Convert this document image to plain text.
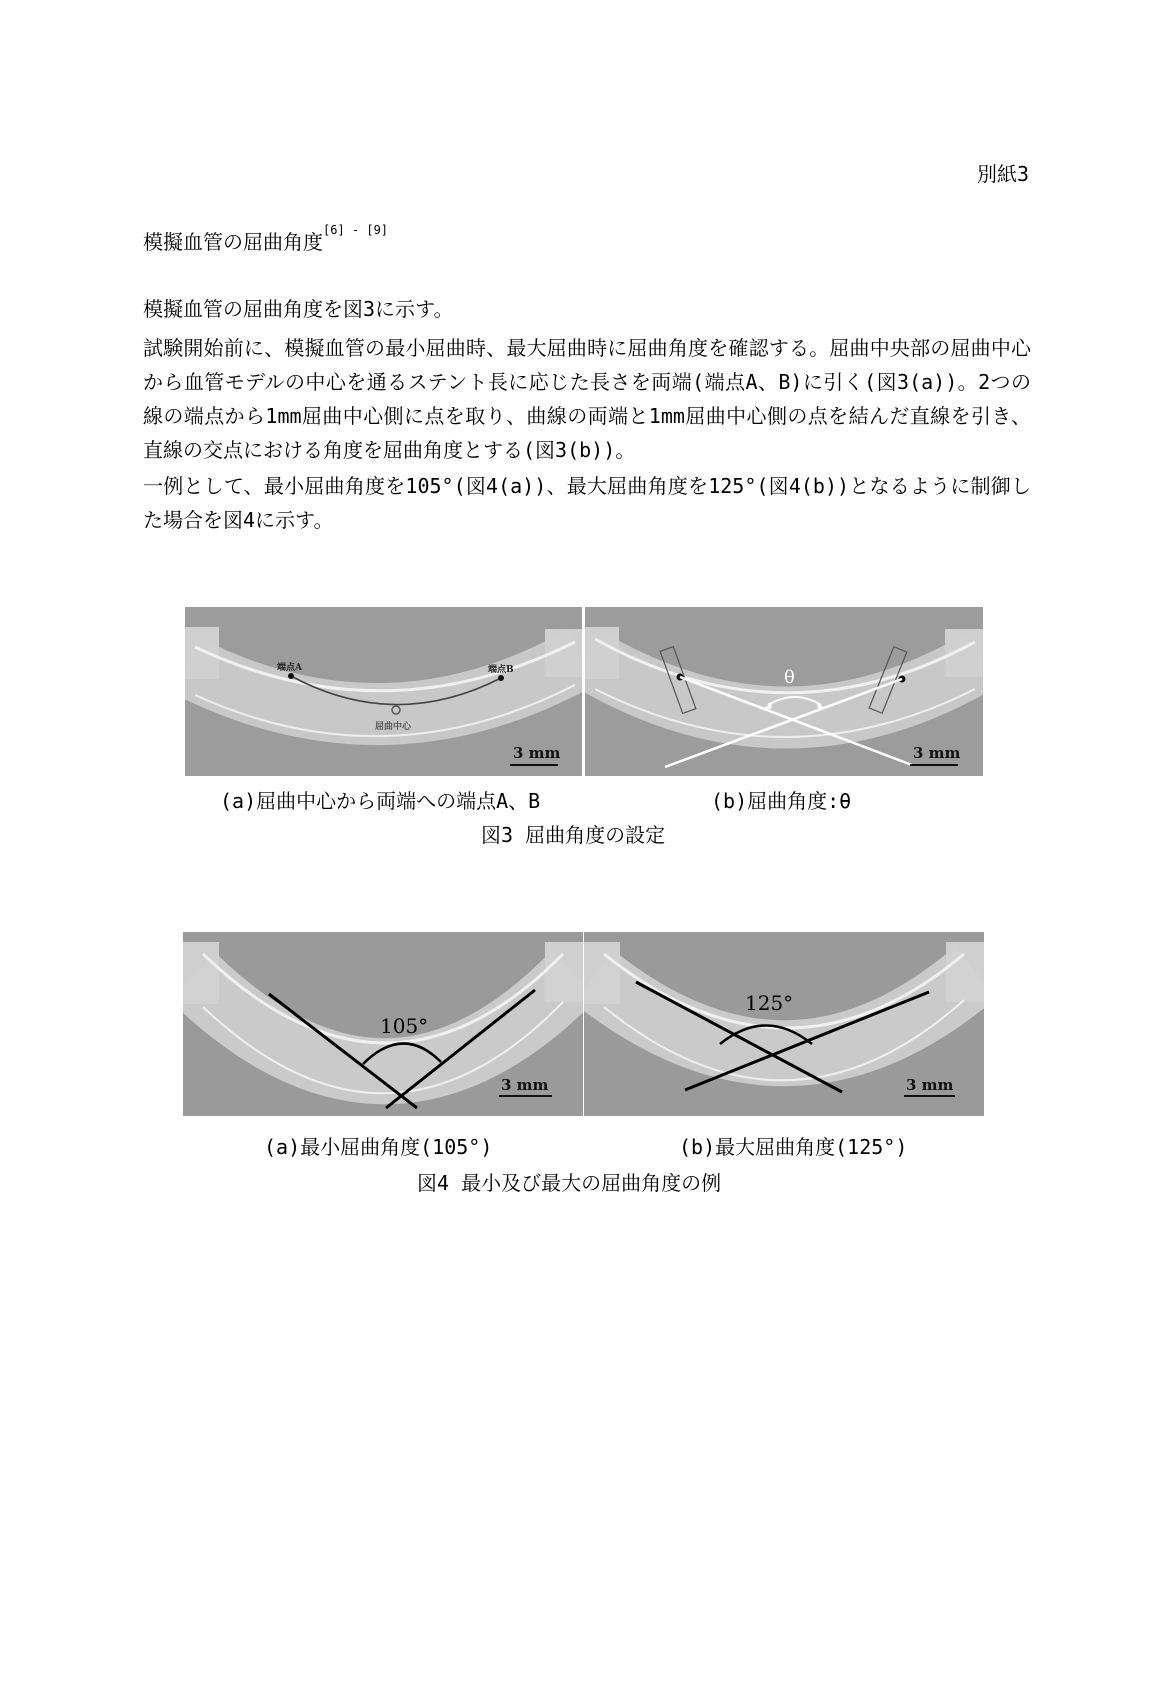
別紙3
模擬血管の屈曲角度[6] - [9]
模擬血管の屈曲角度を図3に示す。
試験開始前に、模擬血管の最小屈曲時、最大屈曲時に屈曲角度を確認する。屈曲中央部の屈曲中心から血管モデルの中心を通るステント長に応じた長さを両端(端点A、B)に引く(図3(a))。2つの線の端点から1mm屈曲中心側に点を取り、曲線の両端と1mm屈曲中心側の点を結んだ直線を引き、直線の交点における角度を屈曲角度とする(図3(b))。
一例として、最小屈曲角度を105°(図4(a))、最大屈曲角度を125°(図4(b))となるように制御した場合を図4に示す。
端点A	端点B
屈曲中心
3 mm
θ
3 mm
(a)屈曲中心から両端への端点A、B	(b)屈曲角度:θ
図3 屈曲角度の設定
105°
3 mm
125°
3 mm
(a)最小屈曲角度(105°)	(b)最大屈曲角度(125°)
図4 最小及び最大の屈曲角度の例
